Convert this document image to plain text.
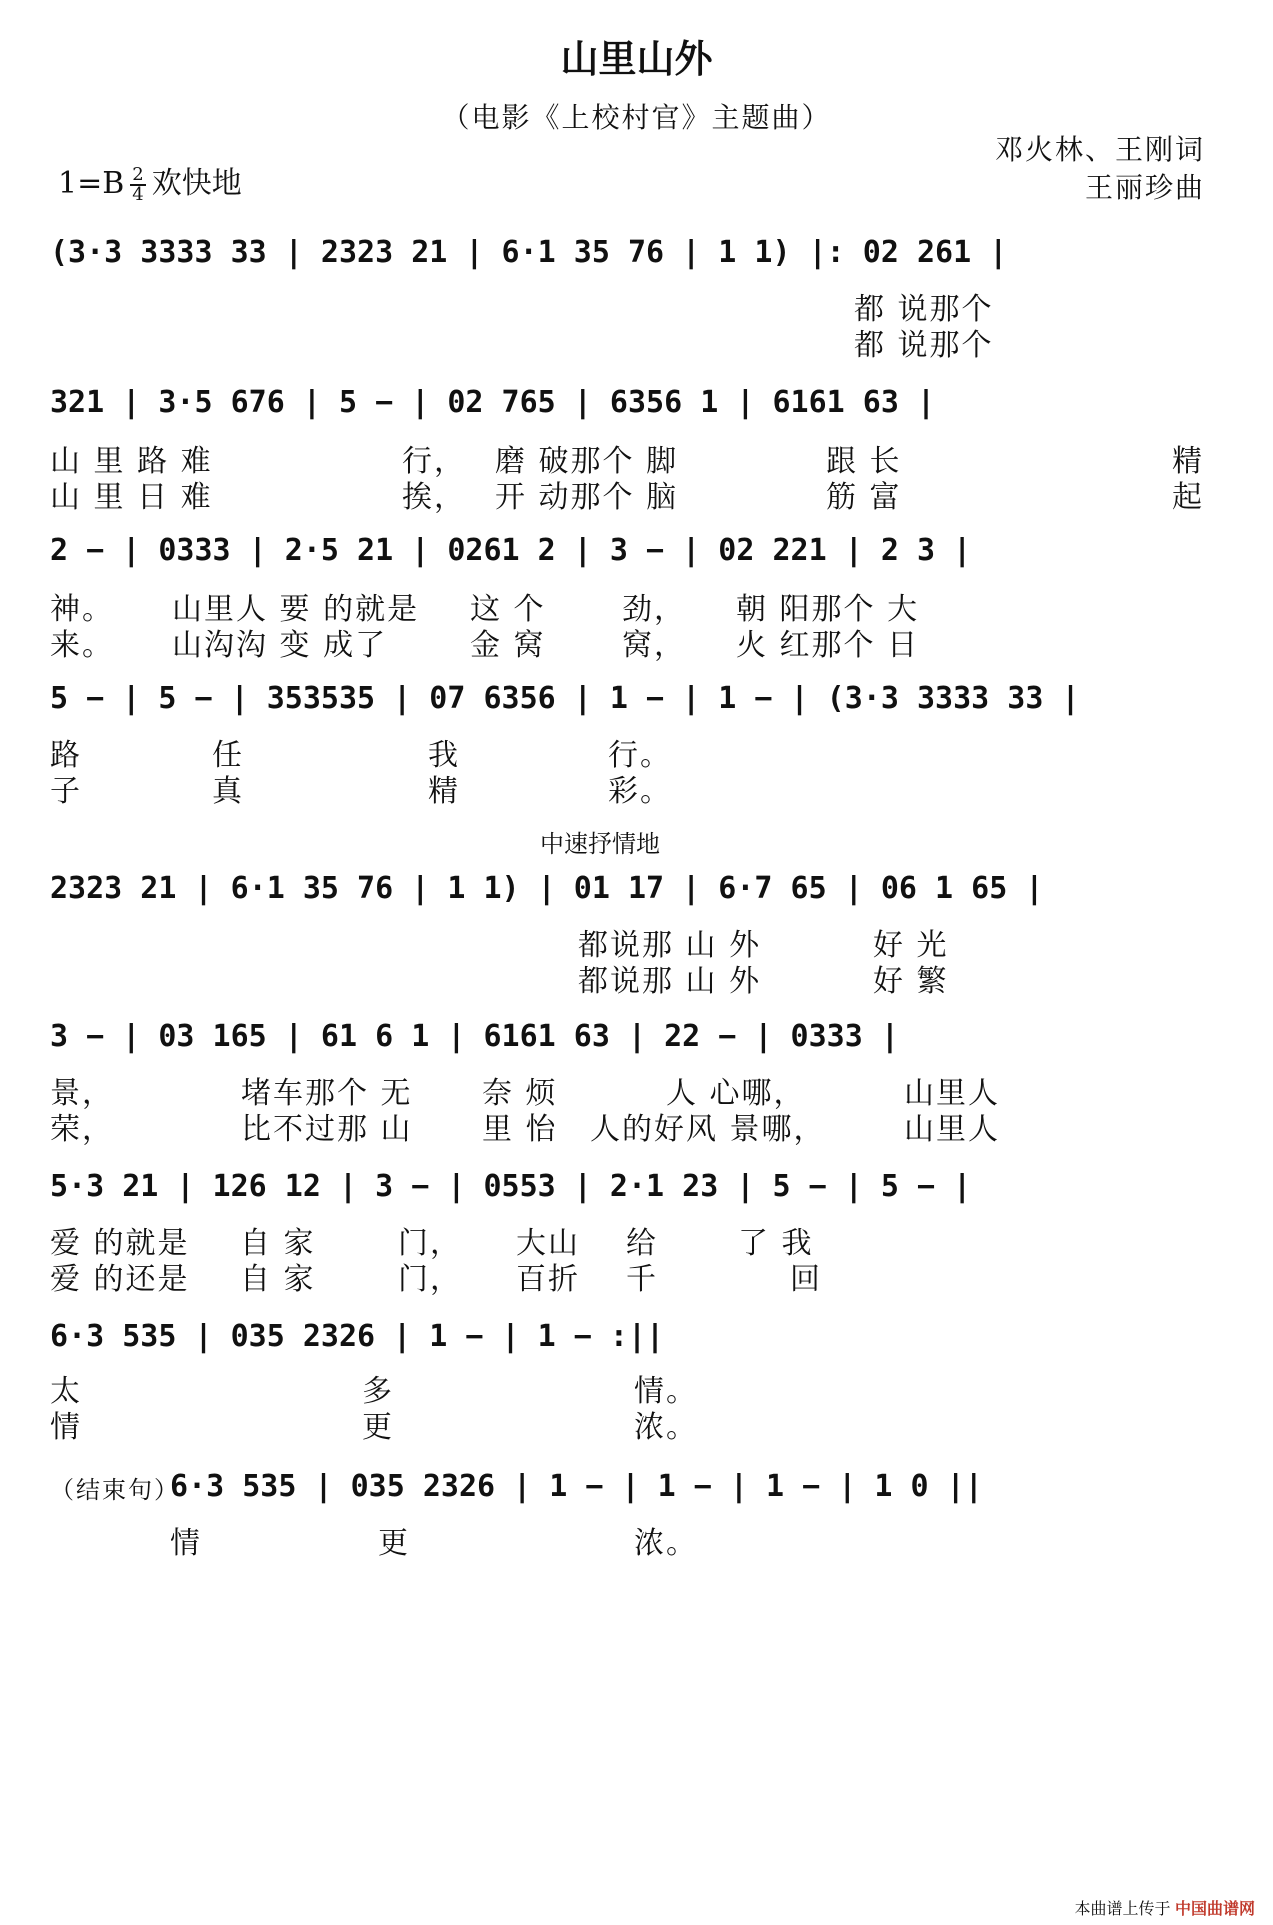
山里山外
（电影《上校村官》主题曲）
$1=B \frac{2}{4}$ 欢快地
邓火林、王刚词
王丽珍曲
中速抒情地
(3·3 3333 33 | 2323 21 | 6·1 35 76 | 1 1) |: 02 261 |
都 说那个
都 说那个
321 | 3·5 676 | 5 − | 02 765 | 6356 1 | 6161 63 |
山 里 路 难	行， 磨 破那个 脚	跟 长	精
山 里 日 难	挨， 开 动那个 脑	筋 富	起
2 − | 0333 | 2·5 21 | 0261 2 | 3 − | 02 221 | 2 3 |
神。 山里人 要 的就是 这 个	劲， 朝 阳那个 大
来。 山沟沟 变 成了	金 窝	窝， 火 红那个 日
5 − | 5 − | 353535 | 07 6356 | 1 − | 1 − | (3·3 3333 33 |
路	任	我	行。
子	真	精	彩。
2323 21 | 6·1 35 76 | 1 1) | 01 17 | 6·7 65 | 06 1 65 |
都说那 山 外	好 光
都说那 山 外	好 繁
3 − | 03 165 | 61 6 1 | 6161 63 | 22 − | 0333 |
景，	堵车那个 无 奈 烦	人 心哪，	山里人
荣，	比不过那 山 里 怡 人的好风 景哪，	山里人
5·3 21 | 126 12 | 3 − | 0553 | 2·1 23 | 5 − | 5 − |
爱 的就是 自 家	门， 大山 给	了 我
爱 的还是 自 家	门， 百折 千	回
6·3 535 | 035 2326 | 1 − | 1 − :||
太	多	情。
情	更	浓。
6·3 535 | 035 2326 | 1 − | 1 − | 1 − | 1 0 ||
（结束句）
情	更	浓。
本曲谱上传于 中国曲谱网
